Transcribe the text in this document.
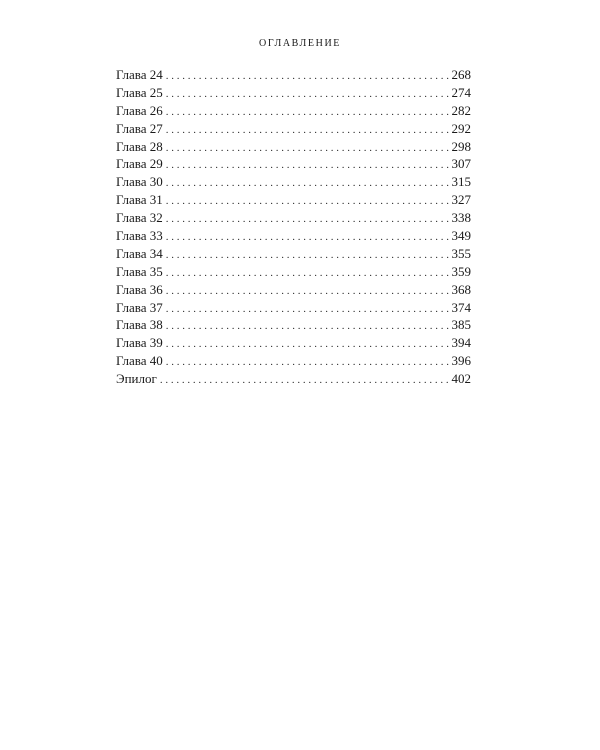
ОГЛАВЛЕНИЕ
Глава 24 . . .	268
Глава 25 . . .	274
Глава 26 . . .	282
Глава 27 . . .	292
Глава 28 . . .	298
Глава 29 . . .	307
Глава 30 . . .	315
Глава 31 . . .	327
Глава 32 . . .	338
Глава 33 . . .	349
Глава 34 . . .	355
Глава 35 . . .	359
Глава 36 . . .	368
Глава 37 . . .	374
Глава 38 . . .	385
Глава 39 . . .	394
Глава 40 . . .	396
Эпилог . . .	402
